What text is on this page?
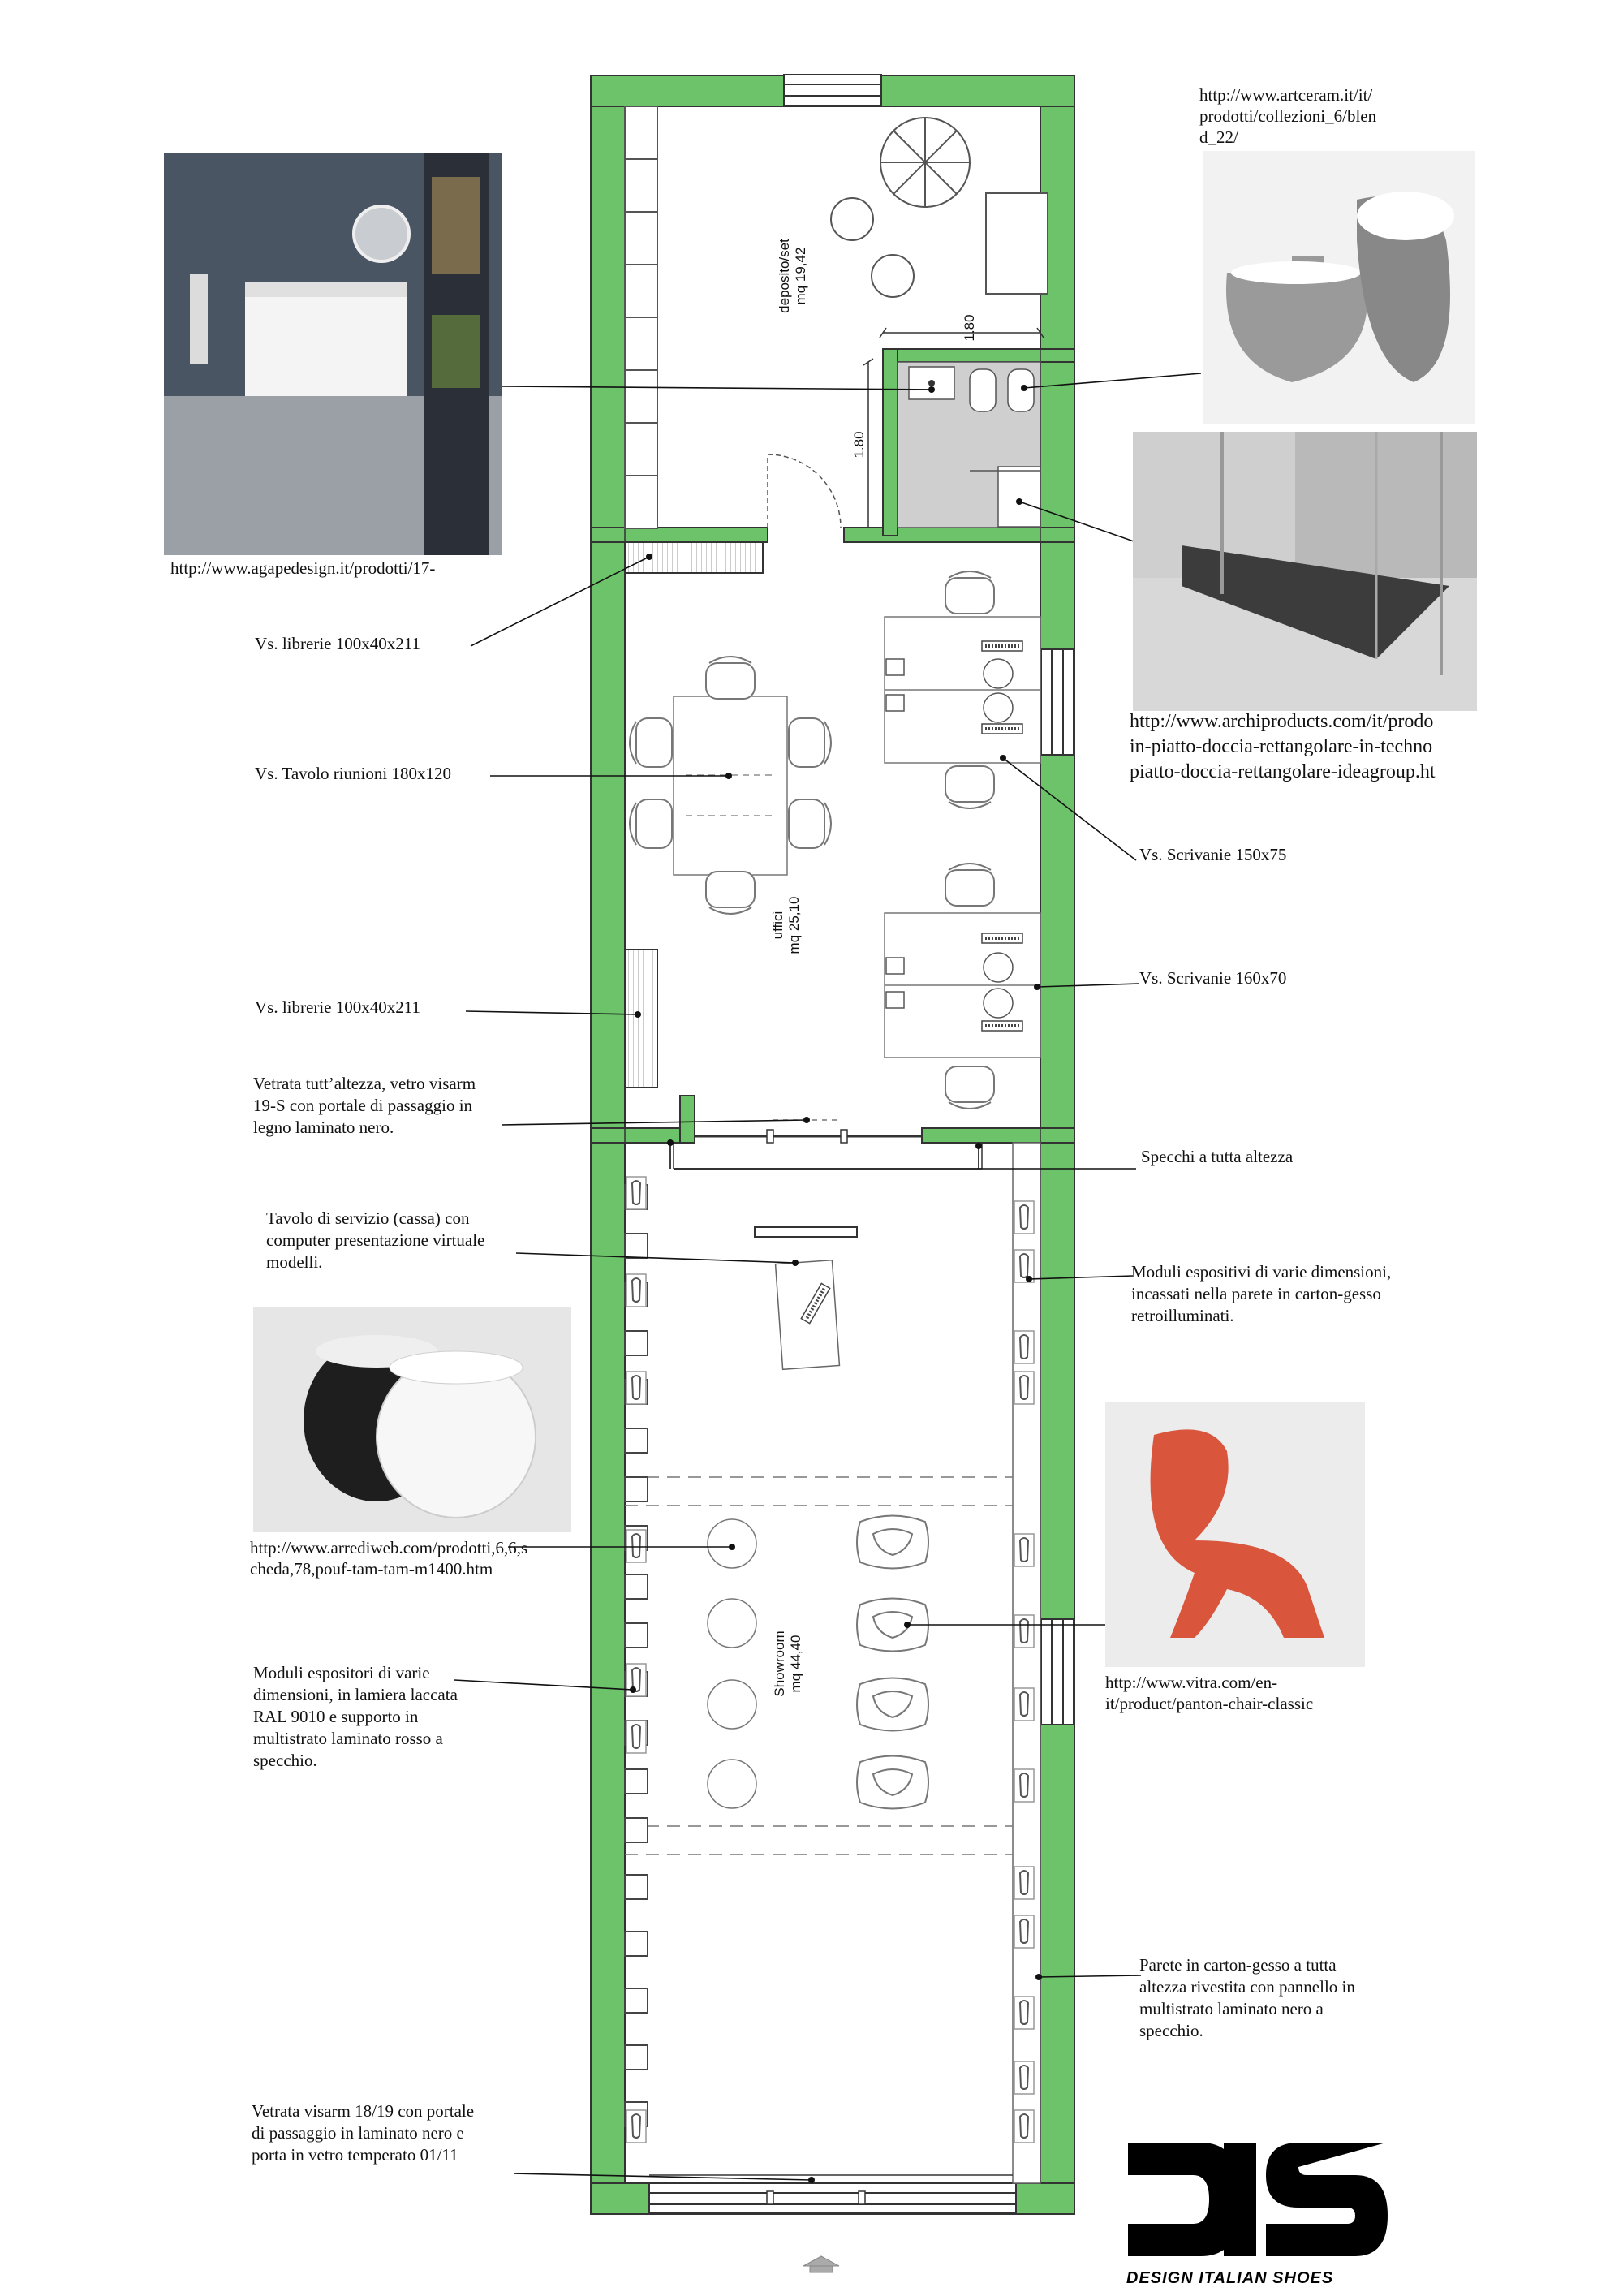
deposito/set mq 19,42
uffici mq 25,10
Showroom mq 44,40
1.80
1.80
http://www.artceram.it/it/
prodotti/collezioni_6/blen
d_22/
http://www.agapedesign.it/prodotti/17-
http://www.archiproducts.com/it/prodo
in-piatto-doccia-rettangolare-in-techno
piatto-doccia-rettangolare-ideagroup.ht
Vs. librerie 100x40x211
Vs. Tavolo riunioni 180x120
Vs. Scrivanie 150x75
Vs. Scrivanie 160x70
Vs. librerie 100x40x211
Vetrata tutt’altezza, vetro visarm
19-S con portale di passaggio in
legno laminato nero.
Specchi a tutta altezza
Tavolo di servizio (cassa) con
computer presentazione virtuale
modelli.	Moduli espositivi di varie dimensioni,
incassati nella parete in carton-gesso
retroilluminati.
http://www.arrediweb.com/prodotti,6,6,s
cheda,78,pouf-tam-tam-m1400.htm
http://www.vitra.com/en-
it/product/panton-chair-classic
Moduli espositori di varie
dimensioni, in lamiera laccata
RAL 9010 e supporto in
multistrato laminato rosso a
specchio.
Parete in carton-gesso a tutta
altezza rivestita con pannello in
multistrato laminato nero a
specchio.
Vetrata visarm 18/19 con portale
di passaggio in laminato nero e
porta in vetro temperato 01/11
DESIGN ITALIAN SHOES
